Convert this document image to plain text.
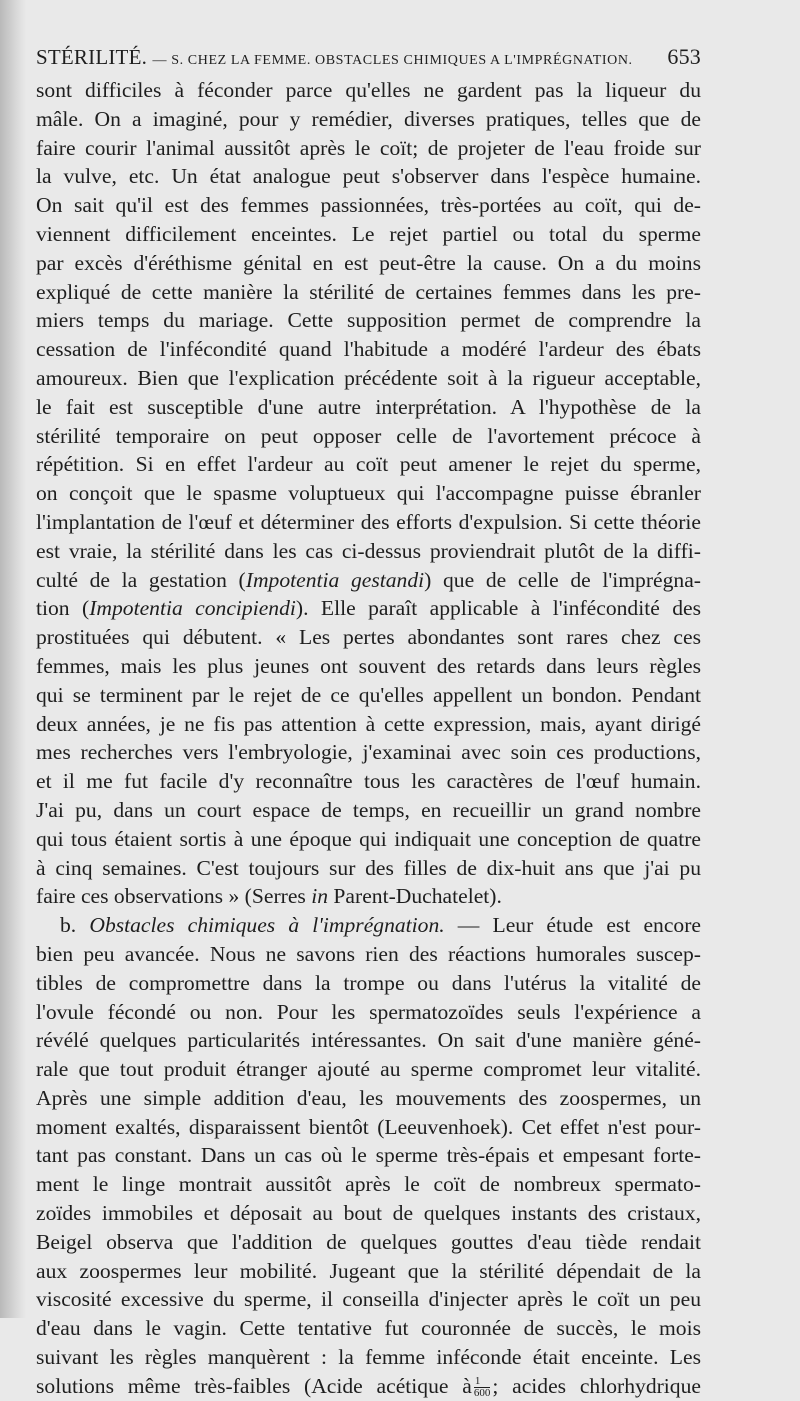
STÉRILITÉ. — S. CHEZ LA FEMME. OBSTACLES CHIMIQUES A L'IMPRÉGNATION. 653
sont difficiles à féconder parce qu'elles ne gardent pas la liqueur du
mâle. On a imaginé, pour y remédier, diverses pratiques, telles que de
faire courir l'animal aussitôt après le coït; de projeter de l'eau froide sur
la vulve, etc. Un état analogue peut s'observer dans l'espèce humaine.
On sait qu'il est des femmes passionnées, très-portées au coït, qui de-
viennent difficilement enceintes. Le rejet partiel ou total du sperme
par excès d'éréthisme génital en est peut-être la cause. On a du moins
expliqué de cette manière la stérilité de certaines femmes dans les pre-
miers temps du mariage. Cette supposition permet de comprendre la
cessation de l'infécondité quand l'habitude a modéré l'ardeur des ébats
amoureux. Bien que l'explication précédente soit à la rigueur acceptable,
le fait est susceptible d'une autre interprétation. A l'hypothèse de la
stérilité temporaire on peut opposer celle de l'avortement précoce à
répétition. Si en effet l'ardeur au coït peut amener le rejet du sperme,
on conçoit que le spasme voluptueux qui l'accompagne puisse ébranler
l'implantation de l'œuf et déterminer des efforts d'expulsion. Si cette théorie
est vraie, la stérilité dans les cas ci-dessus proviendrait plutôt de la diffi-
culté de la gestation (Impotentia gestandi) que de celle de l'imprégna-
tion (Impotentia concipiendi). Elle paraît applicable à l'infécondité des
prostituées qui débutent. « Les pertes abondantes sont rares chez ces
femmes, mais les plus jeunes ont souvent des retards dans leurs règles
qui se terminent par le rejet de ce qu'elles appellent un bondon. Pendant
deux années, je ne fis pas attention à cette expression, mais, ayant dirigé
mes recherches vers l'embryologie, j'examinai avec soin ces productions,
et il me fut facile d'y reconnaître tous les caractères de l'œuf humain.
J'ai pu, dans un court espace de temps, en recueillir un grand nombre
qui tous étaient sortis à une époque qui indiquait une conception de quatre
à cinq semaines. C'est toujours sur des filles de dix-huit ans que j'ai pu
faire ces observations » (Serres in Parent-Duchatelet).
b. Obstacles chimiques à l'imprégnation. — Leur étude est encore
bien peu avancée. Nous ne savons rien des réactions humorales suscep-
tibles de compromettre dans la trompe ou dans l'utérus la vitalité de
l'ovule fécondé ou non. Pour les spermatozoïdes seuls l'expérience a
révélé quelques particularités intéressantes. On sait d'une manière géné-
rale que tout produit étranger ajouté au sperme compromet leur vitalité.
Après une simple addition d'eau, les mouvements des zoospermes, un
moment exaltés, disparaissent bientôt (Leeuvenhoek). Cet effet n'est pour-
tant pas constant. Dans un cas où le sperme très-épais et empesant forte-
ment le linge montrait aussitôt après le coït de nombreux spermato-
zoïdes immobiles et déposait au bout de quelques instants des cristaux,
Beigel observa que l'addition de quelques gouttes d'eau tiède rendait
aux zoospermes leur mobilité. Jugeant que la stérilité dépendait de la
viscosité excessive du sperme, il conseilla d'injecter après le coït un peu
d'eau dans le vagin. Cette tentative fut couronnée de succès, le mois
suivant les règles manquèrent : la femme inféconde était enceinte. Les
solutions même très-faibles (Acide acétique à $\frac{1}{600}$ ; acides chlorhydrique
